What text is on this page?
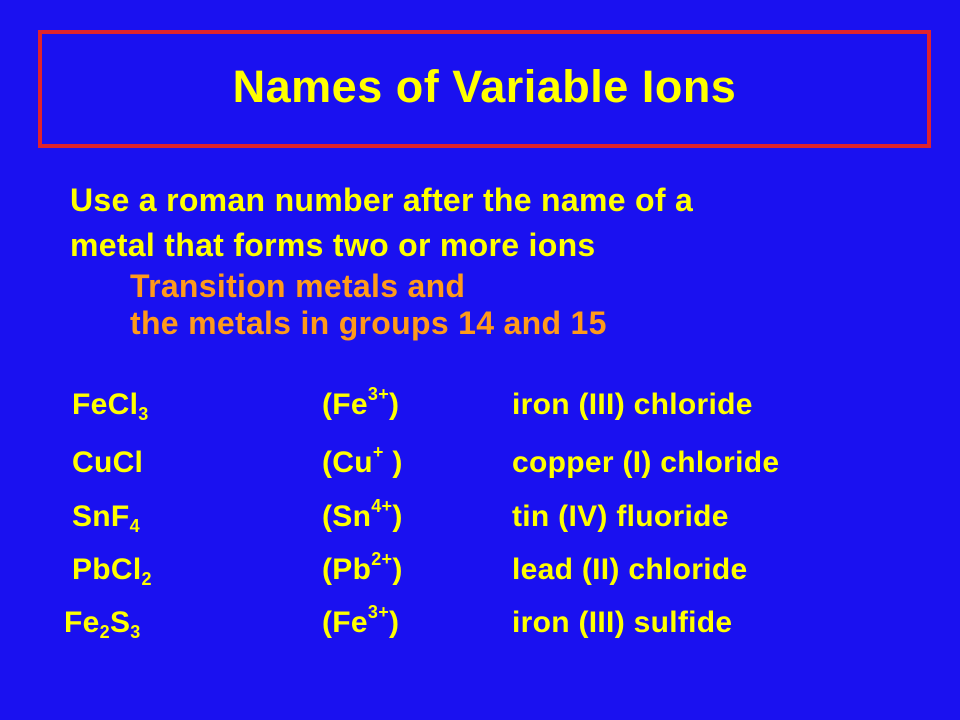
Names of Variable Ions
Use a roman number after the name of a
metal that forms two or more ions
Transition metals and
the metals in groups 14 and 15
FeCl$_3$	$(Fe^{3+})$	iron (III) chloride
CuCl	(Cu+ )	copper (I) chloride
SnF$_4$	$(Sn^{4+})$	tin (IV) fluoride
PbCl$_2$	$(Pb^{2+})$	lead (II) chloride
$Fe_2S_3$	$(Fe^{3+})$	iron (III) sulfide
